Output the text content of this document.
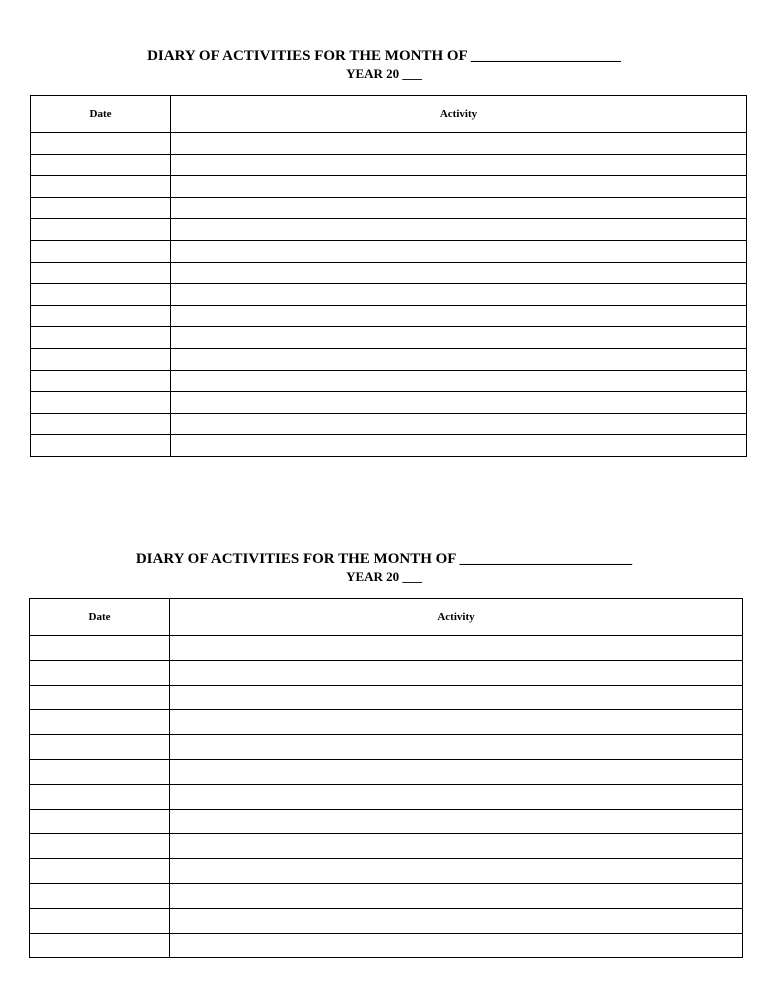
DIARY OF ACTIVITIES FOR THE MONTH OF ____________________
YEAR 20 ___
Date	Activity

DIARY OF ACTIVITIES FOR THE MONTH OF _______________________
YEAR 20 ___
Date	Activity
